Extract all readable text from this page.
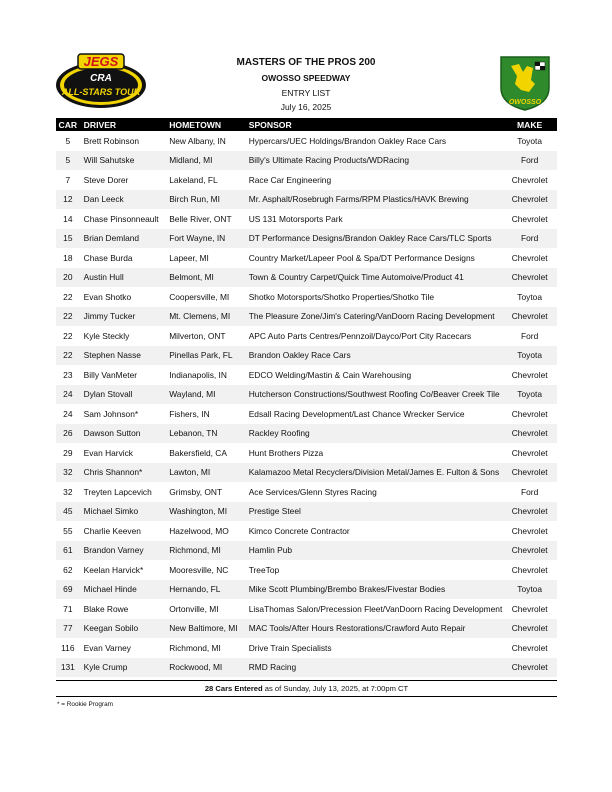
JEGS
CRA
ALL-STARS TOUR
MASTERS OF THE PROS 200
OWOSSO SPEEDWAY
ENTRY LIST
July 16, 2025	OWOSSO
CAR	DRIVER	HOMETOWN	SPONSOR	MAKE
5	Brett Robinson	New Albany, IN	Hypercars/UEC Holdings/Brandon Oakley Race Cars	Toyota
5	Will Sahutske	Midland, MI	Billy's Ultimate Racing Products/WDRacing	Ford
7	Steve Dorer	Lakeland, FL	Race Car Engineering	Chevrolet
12	Dan Leeck	Birch Run, MI	Mr. Asphalt/Rosebrugh Farms/RPM Plastics/HAVK Brewing	Chevrolet
14	Chase Pinsonneault	Belle River, ONT	US 131 Motorsports Park	Chevrolet
15	Brian Demland	Fort Wayne, IN	DT Performance Designs/Brandon Oakley Race Cars/TLC Sports	Ford
18	Chase Burda	Lapeer, MI	Country Market/Lapeer Pool & Spa/DT Performance Designs	Chevrolet
20	Austin Hull	Belmont, MI	Town & Country Carpet/Quick Time Automoive/Product 41	Chevrolet
22	Evan Shotko	Coopersville, MI	Shotko Motorsports/Shotko Properties/Shotko Tile	Toytoa
22	Jimmy Tucker	Mt. Clemens, MI	The Pleasure Zone/Jim's Catering/VanDoorn Racing Development	Chevrolet
22	Kyle Steckly	Milverton, ONT	APC Auto Parts Centres/Pennzoil/Dayco/Port City Racecars	Ford
22	Stephen Nasse	Pinellas Park, FL	Brandon Oakley Race Cars	Toyota
23	Billy VanMeter	Indianapolis, IN	EDCO Welding/Mastin & Cain Warehousing	Chevrolet
24	Dylan Stovall	Wayland, MI	Hutcherson Constructions/Southwest Roofing Co/Beaver Creek Tile	Toyota
24	Sam Johnson*	Fishers, IN	Edsall Racing Development/Last Chance Wrecker Service	Chevrolet
26	Dawson Sutton	Lebanon, TN	Rackley Roofing	Chevrolet
29	Evan Harvick	Bakersfield, CA	Hunt Brothers Pizza	Chevrolet
32	Chris Shannon*	Lawton, MI	Kalamazoo Metal Recyclers/Division Metal/James E. Fulton & Sons	Chevrolet
32	Treyten Lapcevich	Grimsby, ONT	Ace Services/Glenn Styres Racing	Ford
45	Michael Simko	Washington, MI	Prestige Steel	Chevrolet
55	Charlie Keeven	Hazelwood, MO	Kimco Concrete Contractor	Chevrolet
61	Brandon Varney	Richmond, MI	Hamlin Pub	Chevrolet
62	Keelan Harvick*	Mooresville, NC	TreeTop	Chevrolet
69	Michael Hinde	Hernando, FL	Mike Scott Plumbing/Brembo Brakes/Fivestar Bodies	Toytoa
71	Blake Rowe	Ortonville, MI	LisaThomas Salon/Precession Fleet/VanDoorn Racing Development	Chevrolet
77	Keegan Sobilo	New Baltimore, MI	MAC Tools/After Hours Restorations/Crawford Auto Repair	Chevrolet
116	Evan Varney	Richmond, MI	Drive Train Specialists	Chevrolet
131	Kyle Crump	Rockwood, MI	RMD Racing	Chevrolet
28 Cars Entered as of Sunday, July 13, 2025, at 7:00pm CT
* = Rookie Program
